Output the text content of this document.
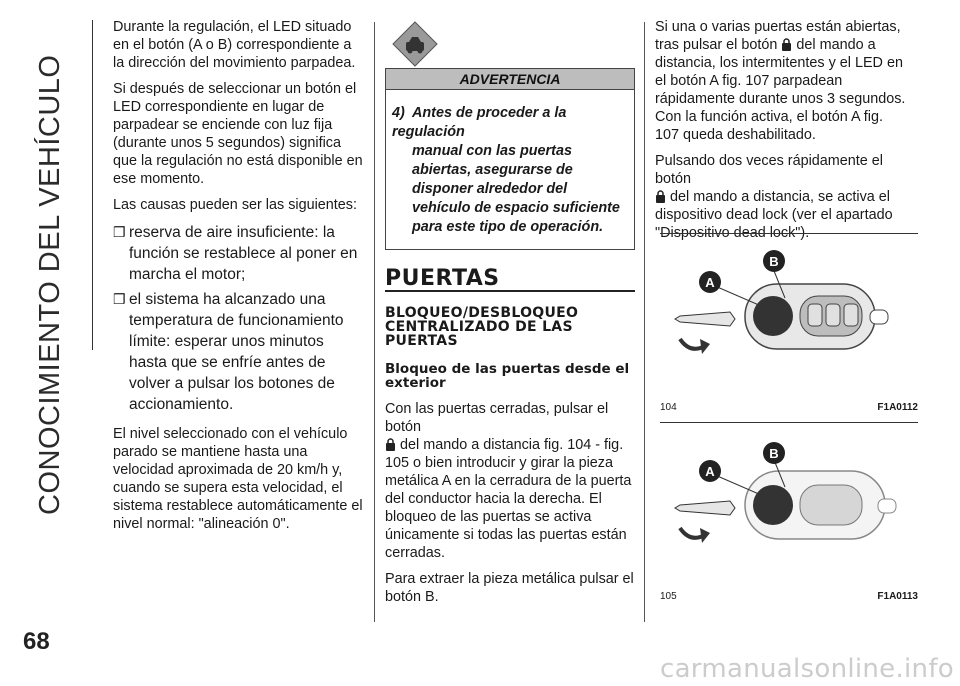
CONOCIMIENTO DEL VEHÍCULO
68

Durante la regulación, el LED situado en el botón (A o B) correspondiente a la dirección del movimiento parpadea.

Si después de seleccionar un botón el LED correspondiente en lugar de parpadear se enciende con luz fija (durante unos 5 segundos) significa que la regulación no está disponible en ese momento.

Las causas pueden ser las siguientes:

❒ reserva de aire insuficiente: la función se restablece al poner en marcha el motor;
❒ el sistema ha alcanzado una temperatura de funcionamiento límite: esperar unos minutos hasta que se enfríe antes de volver a pulsar los botones de accionamiento.

El nivel seleccionado con el vehículo parado se mantiene hasta una velocidad aproximada de 20 km/h y, cuando se supera esta velocidad, el sistema restablece automáticamente el nivel normal: "alineación 0".

ADVERTENCIA
4) Antes de proceder a la regulación
manual con las puertas abiertas, asegurarse de disponer alrededor del vehículo de espacio suficiente para este tipo de operación.
PUERTAS
BLOQUEO/DESBLOQUEO CENTRALIZADO DE LAS PUERTAS
Bloqueo de las puertas desde el exterior

Con las puertas cerradas, pulsar el botón
del mando a distancia fig. 104 - fig. 105 o bien introducir y girar la pieza metálica A en la cerradura de la puerta del conductor hacia la derecha. El bloqueo de las puertas se activa únicamente si todas las puertas están cerradas.

Para extraer la pieza metálica pulsar el botón B.

Si una o varias puertas están abiertas, tras pulsar el botón del mando a distancia, los intermitentes y el LED en el botón A fig. 107 parpadean rápidamente durante unos 3 segundos. Con la función activa, el botón A fig. 107 queda deshabilitado.

Pulsando dos veces rápidamente el botón
del mando a distancia, se activa el dispositivo dead lock (ver el apartado "Dispositivo dead lock").

A
B
104	F1A0112
A
B
105	F1A0113
carmanualsonline.info
